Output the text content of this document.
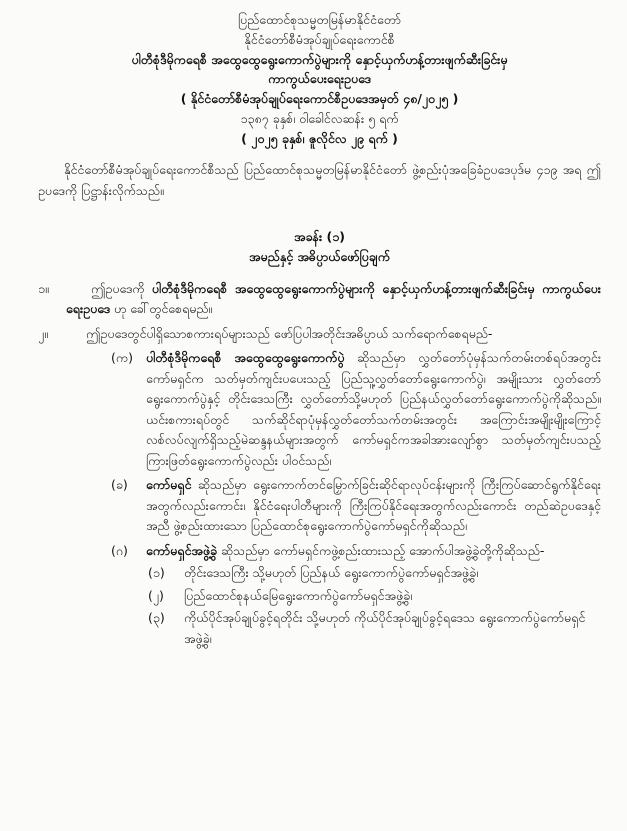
ပြည်ထောင်စုသမ္မတမြန်မာနိုင်ငံတော်
နိုင်ငံတော်စီမံအုပ်ချုပ်ရေးကောင်စီ
ပါတီစုံဒီမိုကရေစီ အထွေထွေရွေးကောက်ပွဲများကို နှောင့်ယှက်ဟန့်တားဖျက်ဆီးခြင်းမှ
ကာကွယ်ပေးရေးဥပဒေ
( နိုင်ငံတော်စီမံအုပ်ချုပ်ရေးကောင်စီဥပဒေအမှတ် ၄၈/၂၀၂၅ )
၁၃၈၇ ခုနှစ်၊ ဝါခေါင်လဆန်း ၅ ရက်
( ၂၀၂၅ ခုနှစ်၊ ဇူလိုင်လ ၂၉ ရက် )
နိုင်ငံတော်စီမံအုပ်ချုပ်ရေးကောင်စီသည် ပြည်ထောင်စုသမ္မတမြန်မာနိုင်ငံတော် ဖွဲ့စည်းပုံအခြေခံဥပဒေပုဒ်မ ၄၁၉ အရ ဤဥပဒေကို ပြဋ္ဌာန်းလိုက်သည်။
အခန်း (၁)
အမည်နှင့် အဓိပ္ပာယ်ဖော်ပြချက်
၁။	ဤဥပဒေကို ပါတီစုံဒီမိုကရေစီ အထွေထွေရွေးကောက်ပွဲများကို နှောင့်ယှက်ဟန့်တားဖျက်ဆီးခြင်းမှ ကာကွယ်ပေးရေးဥပဒေ ဟု ခေါ်တွင်စေရမည်။
၂။	ဤဥပဒေတွင်ပါရှိသောစကားရပ်များသည် ဖော်ပြပါအတိုင်းအဓိပ္ပာယ် သက်ရောက်စေရမည်-
(က) ပါတီစုံဒီမိုကရေစီ အထွေထွေရွေးကောက်ပွဲ ဆိုသည်မှာ လွှတ်တော်ပုံမှန်သက်တမ်းတစ်ရပ်အတွင်း ကော်မရှင်က သတ်မှတ်ကျင်းပပေးသည့် ပြည်သူ့လွှတ်တော်ရွေးကောက်ပွဲ၊ အမျိုးသား လွှတ်တော်ရွေးကောက်ပွဲနှင့် တိုင်းဒေသကြီး လွှတ်တော်သို့မဟုတ် ပြည်နယ်လွှတ်တော်ရွေးကောက်ပွဲကိုဆိုသည်။ ယင်းစကားရပ်တွင် သက်ဆိုင်ရာပုံမှန်လွှတ်တော်သက်တမ်းအတွင်း အကြောင်းအမျိုးမျိုးကြောင့် လစ်လပ်လျက်ရှိသည့်မဲဆန္ဒနယ်များအတွက် ကော်မရှင်ကအခါအားလျော်စွာ သတ်မှတ်ကျင်းပသည့် ကြားဖြတ်ရွေးကောက်ပွဲလည်း ပါဝင်သည်၊
(ခ) ကော်မရှင် ဆိုသည်မှာ ရွေးကောက်တင်မြှောက်ခြင်းဆိုင်ရာလုပ်ငန်းများကို ကြီးကြပ်ဆောင်ရွက်နိုင်ရေးအတွက်လည်းကောင်း၊ နိုင်ငံရေးပါတီများကို ကြီးကြပ်နိုင်ရေးအတွက်လည်းကောင်း တည်ဆဲဥပဒေနှင့်အညီ ဖွဲ့စည်းထားသော ပြည်ထောင်စုရွေးကောက်ပွဲကော်မရှင်ကိုဆိုသည်၊
(ဂ) ကော်မရှင်အဖွဲ့ခွဲ ဆိုသည်မှာ ကော်မရှင်ကဖွဲ့စည်းထားသည့် အောက်ပါအဖွဲ့ခွဲတို့ကိုဆိုသည်-
(၁) တိုင်းဒေသကြီး သို့မဟုတ် ပြည်နယ် ရွေးကောက်ပွဲကော်မရှင်အဖွဲ့ခွဲ၊
(၂) ပြည်ထောင်စုနယ်မြေရွေးကောက်ပွဲကော်မရှင်အဖွဲ့ခွဲ၊
(၃) ကိုယ်ပိုင်အုပ်ချုပ်ခွင့်ရတိုင်း သို့မဟုတ် ကိုယ်ပိုင်အုပ်ချုပ်ခွင့်ရဒေသ ရွေးကောက်ပွဲကော်မရှင်အဖွဲ့ခွဲ၊
